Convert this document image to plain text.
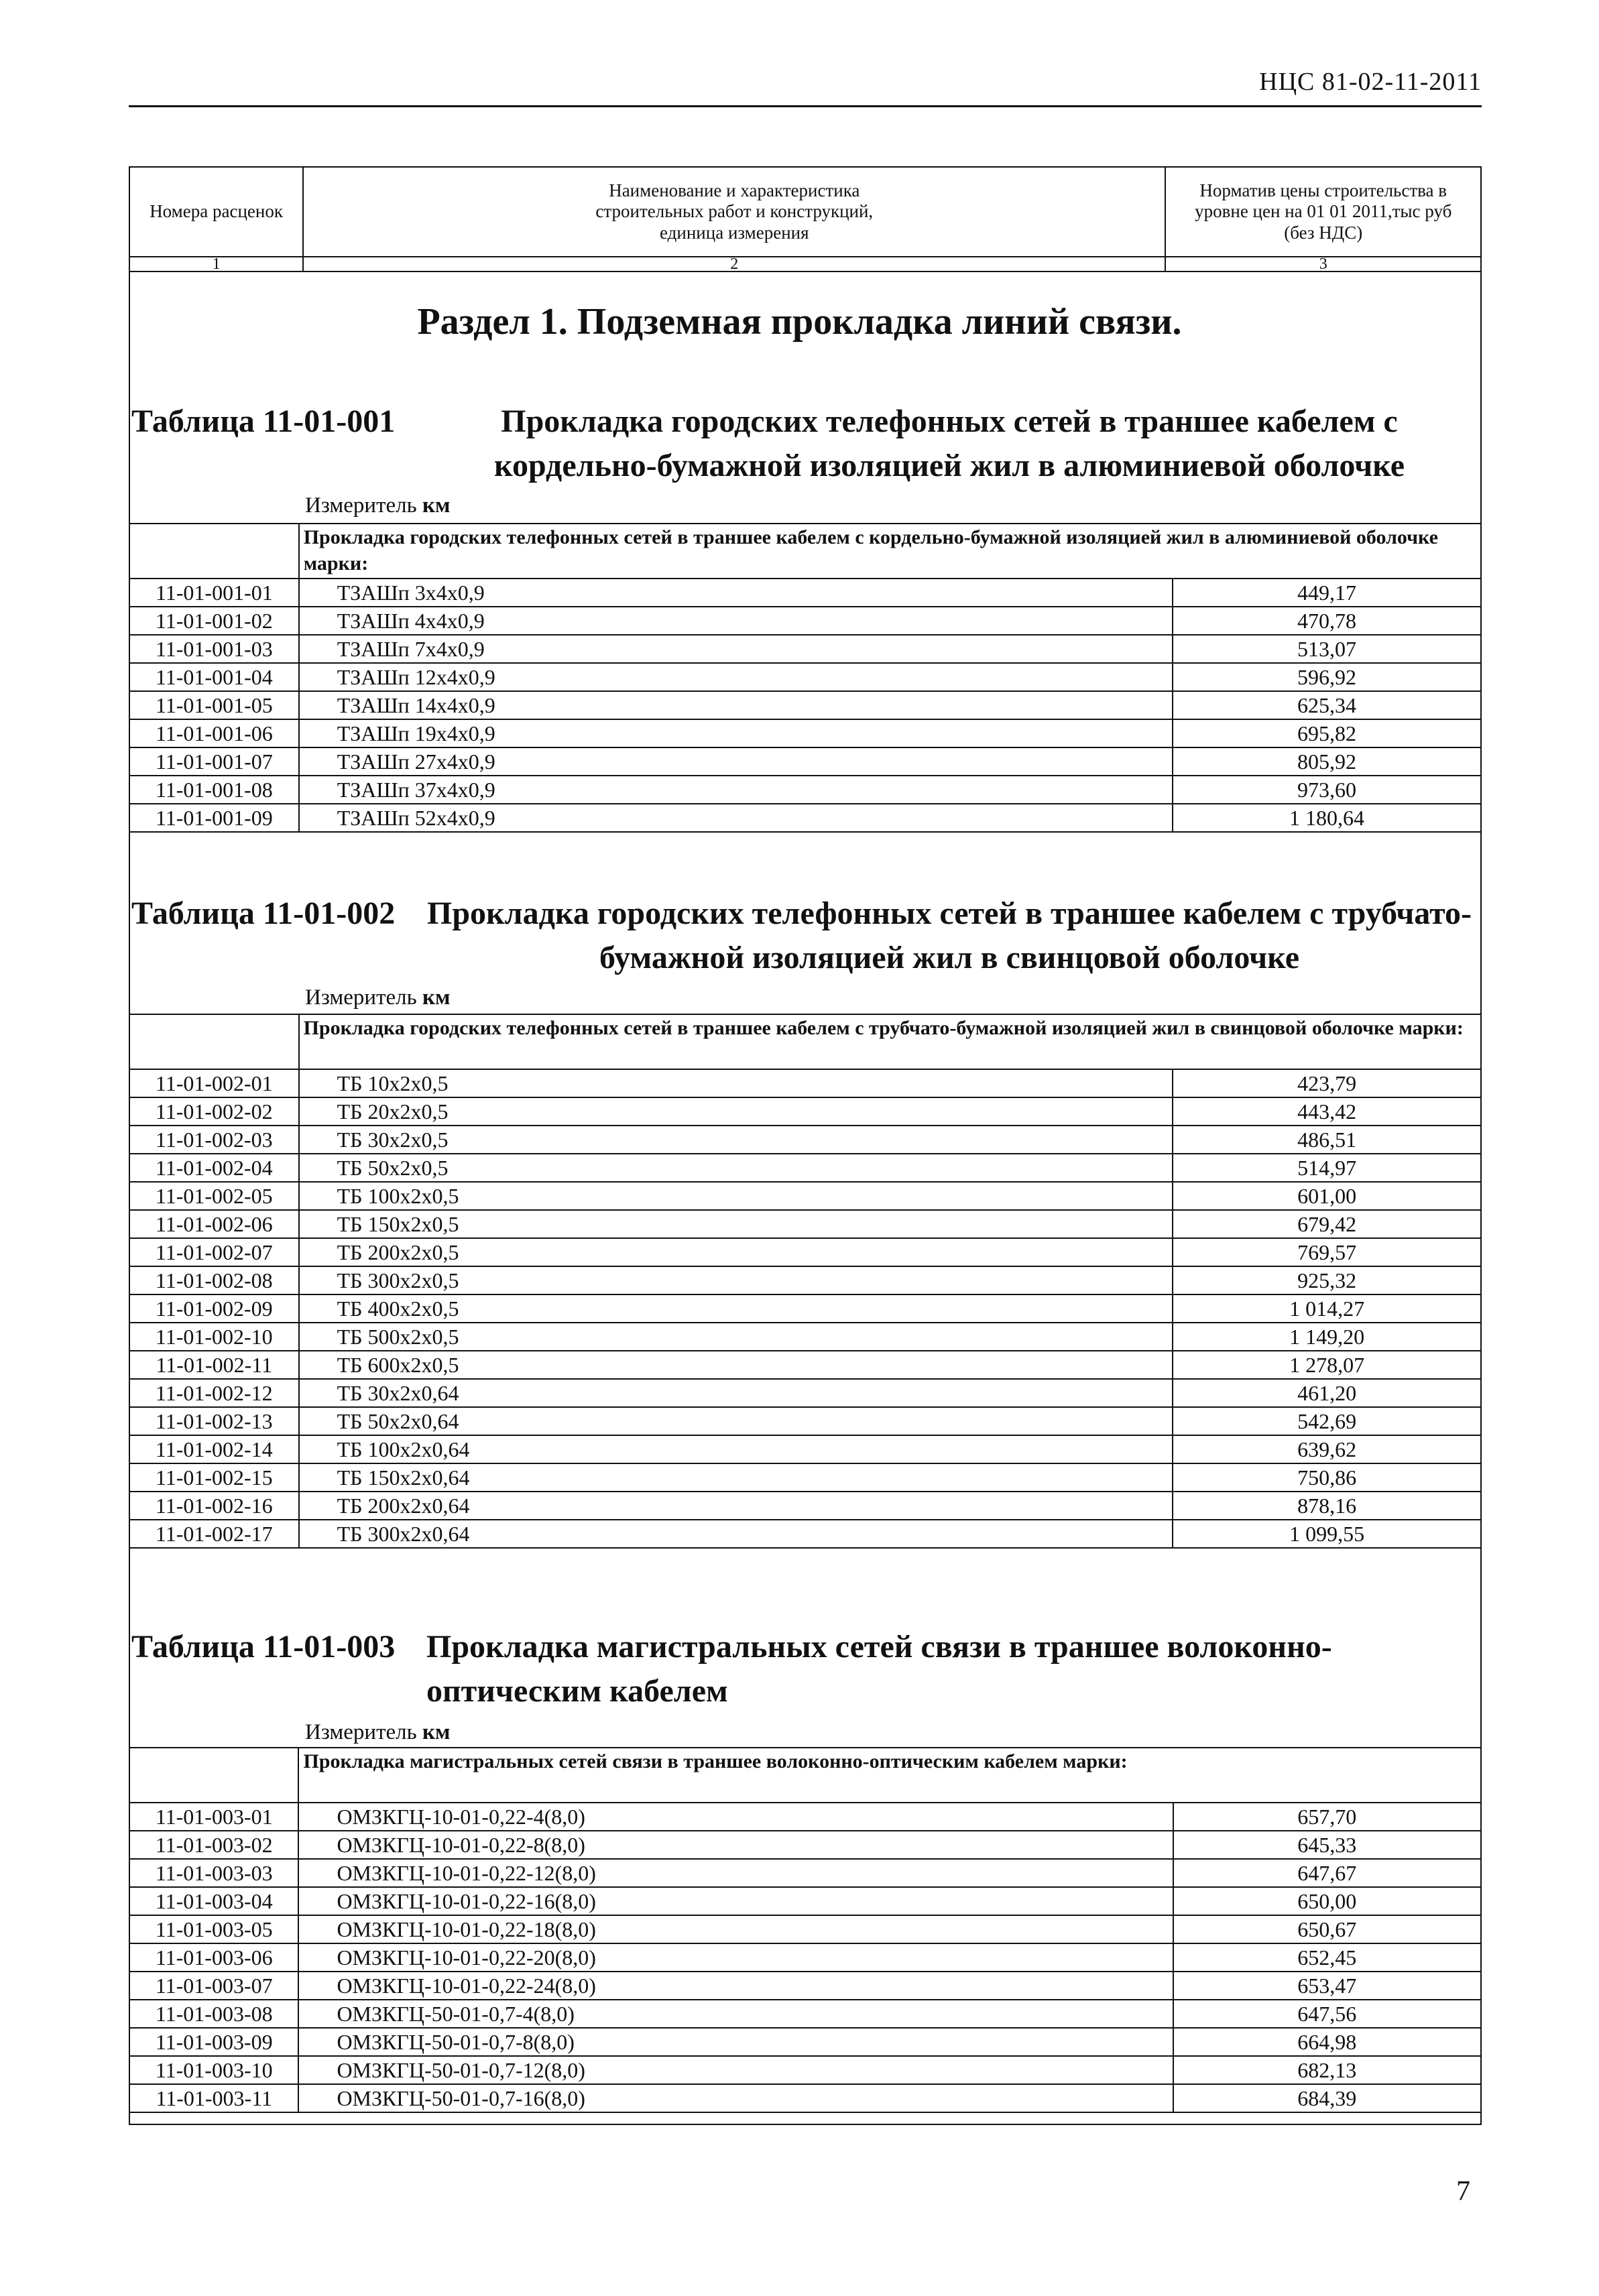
НЦС 81-02-11-2011
Номера расценок	Наименование и характеристика строительных работ и конструкций, единица измерения	Норматив цены строительства в уровне цен на 01 01 2011,тыс руб (без НДС)
1	2	3
Раздел 1. Подземная прокладка линий связи.
Таблица 11-01-001	Прокладка городских телефонных сетей в траншее кабелем с кордельно-бумажной изоляцией жил в алюминиевой оболочке
Измеритель км
	Прокладка городских телефонных сетей в траншее кабелем с кордельно-бумажной изоляцией жил в алюминиевой оболочке марки:	
11-01-001-01	ТЗАШп 3x4x0,9	449,17
11-01-001-02	ТЗАШп 4x4x0,9	470,78
11-01-001-03	ТЗАШп 7x4x0,9	513,07
11-01-001-04	ТЗАШп 12x4x0,9	596,92
11-01-001-05	ТЗАШп 14x4x0,9	625,34
11-01-001-06	ТЗАШп 19x4x0,9	695,82
11-01-001-07	ТЗАШп 27x4x0,9	805,92
11-01-001-08	ТЗАШп 37x4x0,9	973,60
11-01-001-09	ТЗАШп 52x4x0,9	1 180,64
Таблица 11-01-002 Прокладка городских телефонных сетей в траншее кабелем с трубчато-бумажной изоляцией жил в свинцовой оболочке
Измеритель км
	Прокладка городских телефонных сетей в траншее кабелем с трубчато-бумажной изоляцией жил в свинцовой оболочке марки:	
11-01-002-01	ТБ 10x2x0,5	423,79
11-01-002-02	ТБ 20x2x0,5	443,42
11-01-002-03	ТБ 30x2x0,5	486,51
11-01-002-04	ТБ 50x2x0,5	514,97
11-01-002-05	ТБ 100x2x0,5	601,00
11-01-002-06	ТБ 150x2x0,5	679,42
11-01-002-07	ТБ 200x2x0,5	769,57
11-01-002-08	ТБ 300x2x0,5	925,32
11-01-002-09	ТБ 400x2x0,5	1 014,27
11-01-002-10	ТБ 500x2x0,5	1 149,20
11-01-002-11	ТБ 600x2x0,5	1 278,07
11-01-002-12	ТБ 30x2x0,64	461,20
11-01-002-13	ТБ 50x2x0,64	542,69
11-01-002-14	ТБ 100x2x0,64	639,62
11-01-002-15	ТБ 150x2x0,64	750,86
11-01-002-16	ТБ 200x2x0,64	878,16
11-01-002-17	ТБ 300x2x0,64	1 099,55
Таблица 11-01-003 Прокладка магистральных сетей связи в траншее волоконно-оптическим кабелем
Измеритель км
	Прокладка магистральных сетей связи в траншее волоконно-оптическим кабелем марки:	
11-01-003-01	ОМЗКГЦ-10-01-0,22-4(8,0)	657,70
11-01-003-02	ОМЗКГЦ-10-01-0,22-8(8,0)	645,33
11-01-003-03	ОМЗКГЦ-10-01-0,22-12(8,0)	647,67
11-01-003-04	ОМЗКГЦ-10-01-0,22-16(8,0)	650,00
11-01-003-05	ОМЗКГЦ-10-01-0,22-18(8,0)	650,67
11-01-003-06	ОМЗКГЦ-10-01-0,22-20(8,0)	652,45
11-01-003-07	ОМЗКГЦ-10-01-0,22-24(8,0)	653,47
11-01-003-08	ОМЗКГЦ-50-01-0,7-4(8,0)	647,56
11-01-003-09	ОМЗКГЦ-50-01-0,7-8(8,0)	664,98
11-01-003-10	ОМЗКГЦ-50-01-0,7-12(8,0)	682,13
11-01-003-11	ОМЗКГЦ-50-01-0,7-16(8,0)	684,39
7
